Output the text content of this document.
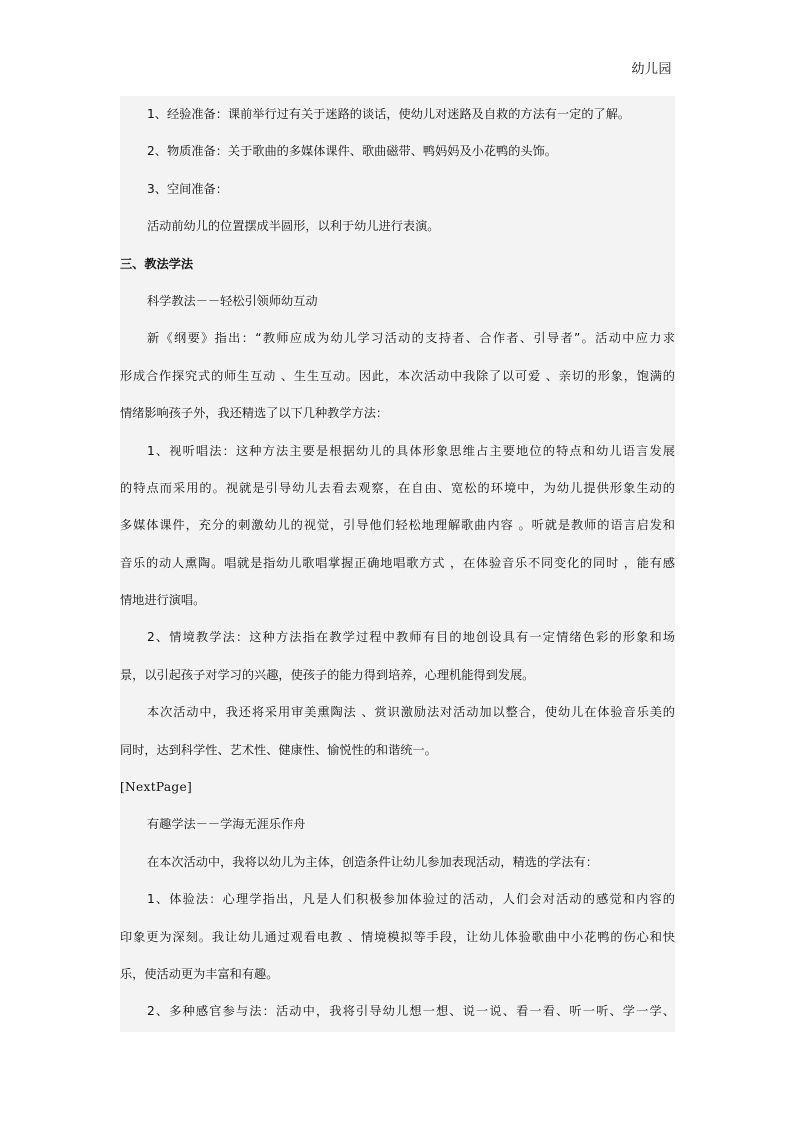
幼儿园
1、经验准备：课前举行过有关于迷路的谈话，使幼儿对迷路及自救的方法有一定的了解。
2、物质准备：关于歌曲的多媒体课件、歌曲磁带、鸭妈妈及小花鸭的头饰。
3、空间准备：
活动前幼儿的位置摆成半圆形，以利于幼儿进行表演。
三、教法学法
科学教法－－轻松引领师幼互动
新《纲要》指出：“教师应成为幼儿学习活动的支持者、合作者、引导者”。活动中应力求
形成合作探究式的师生互动 、生生互动。因此，本次活动中我除了以可爱 、亲切的形象，饱满的
情绪影响孩子外，我还精选了以下几种教学方法：
1、视听唱法：这种方法主要是根据幼儿的具体形象思维占主要地位的特点和幼儿语言发展
的特点而采用的。视就是引导幼儿去看去观察，在自由、宽松的环境中，为幼儿提供形象生动的
多媒体课件，充分的刺激幼儿的视觉，引导他们轻松地理解歌曲内容 。听就是教师的语言启发和
音乐的动人熏陶。唱就是指幼儿歌唱掌握正确地唱歌方式 ，在体验音乐不同变化的同时 ，能有感
情地进行演唱。
2、情境教学法：这种方法指在教学过程中教师有目的地创设具有一定情绪色彩的形象和场
景，以引起孩子对学习的兴趣，使孩子的能力得到培养，心理机能得到发展。
本次活动中，我还将采用审美熏陶法 、赏识激励法对活动加以整合，使幼儿在体验音乐美的
同时，达到科学性、艺术性、健康性、愉悦性的和谐统一。
[NextPage]
有趣学法－－学海无涯乐作舟
在本次活动中，我将以幼儿为主体，创造条件让幼儿参加表现活动，精选的学法有：
1、体验法：心理学指出，凡是人们积极参加体验过的活动，人们会对活动的感觉和内容的
印象更为深刻。我让幼儿通过观看电教 、情境模拟等手段，让幼儿体验歌曲中小花鸭的伤心和快
乐，使活动更为丰富和有趣。
2、多种感官参与法：活动中，我将引导幼儿想一想、说一说、看一看、听一听、学一学、
